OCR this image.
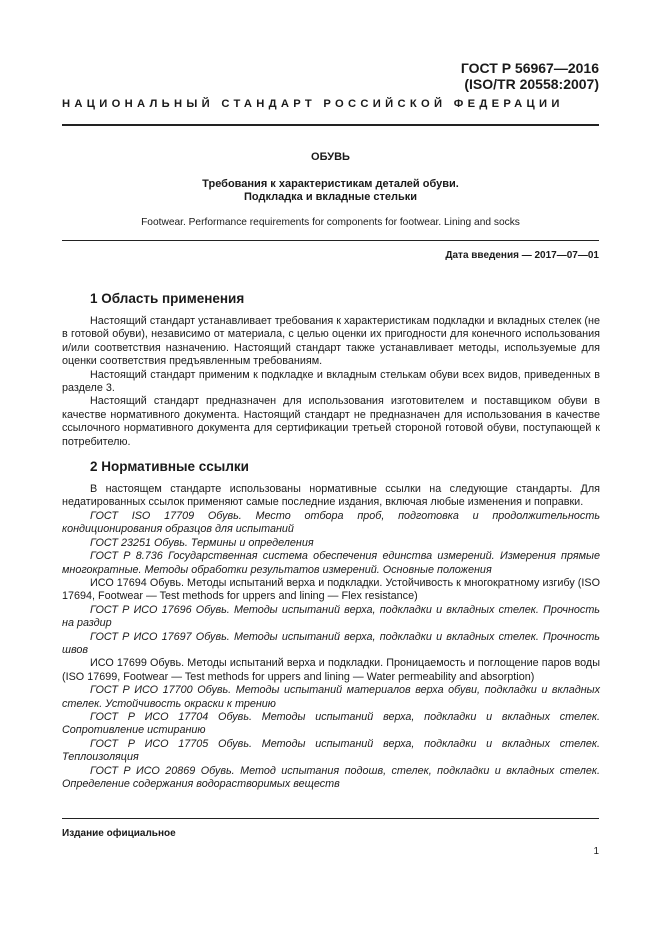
ГОСТ Р 56967—2016
(ISO/TR 20558:2007)
НАЦИОНАЛЬНЫЙ СТАНДАРТ РОССИЙСКОЙ ФЕДЕРАЦИИ
ОБУВЬ
Требования к характеристикам деталей обуви.
Подкладка и вкладные стельки
Footwear. Performance requirements for components for footwear. Lining and socks
Дата введения — 2017—07—01
1 Область применения

Настоящий стандарт устанавливает требования к характеристикам подкладки и вкладных стелек (не в готовой обуви), независимо от материала, с целью оценки их пригодности для конечного использования и/или соответствия назначению. Настоящий стандарт также устанавливает методы, используемые для оценки соответствия предъявленным требованиям.

Настоящий стандарт применим к подкладке и вкладным стелькам обуви всех видов, приведенных в разделе 3.

Настоящий стандарт предназначен для использования изготовителем и поставщиком обуви в качестве нормативного документа. Настоящий стандарт не предназначен для использования в качестве ссылочного нормативного документа для сертификации третьей стороной готовой обуви, поступающей к потребителю.

2 Нормативные ссылки

В настоящем стандарте использованы нормативные ссылки на следующие стандарты. Для недатированных ссылок применяют самые последние издания, включая любые изменения и поправки.

ГОСТ ISO 17709 Обувь. Место отбора проб, подготовка и продолжительность кондиционирования образцов для испытаний

ГОСТ 23251 Обувь. Термины и определения

ГОСТ Р 8.736 Государственная система обеспечения единства измерений. Измерения прямые многократные. Методы обработки результатов измерений. Основные положения

ИСО 17694 Обувь. Методы испытаний верха и подкладки. Устойчивость к многократному изгибу (ISO 17694, Footwear — Test methods for uppers and lining — Flex resistance)

ГОСТ Р ИСО 17696 Обувь. Методы испытаний верха, подкладки и вкладных стелек. Прочность на раздир

ГОСТ Р ИСО 17697 Обувь. Методы испытаний верха, подкладки и вкладных стелек. Прочность швов

ИСО 17699 Обувь. Методы испытаний верха и подкладки. Проницаемость и поглощение паров воды (ISO 17699, Footwear — Test methods for uppers and lining — Water permeability and absorption)

ГОСТ Р ИСО 17700 Обувь. Методы испытаний материалов верха обуви, подкладки и вкладных стелек. Устойчивость окраски к трению

ГОСТ Р ИСО 17704 Обувь. Методы испытаний верха, подкладки и вкладных стелек. Сопротивление истиранию

ГОСТ Р ИСО 17705 Обувь. Методы испытаний верха, подкладки и вкладных стелек. Теплоизоляция

ГОСТ Р ИСО 20869 Обувь. Метод испытания подошв, стелек, подкладки и вкладных стелек. Определение содержания водорастворимых веществ

Издание официальное
1
